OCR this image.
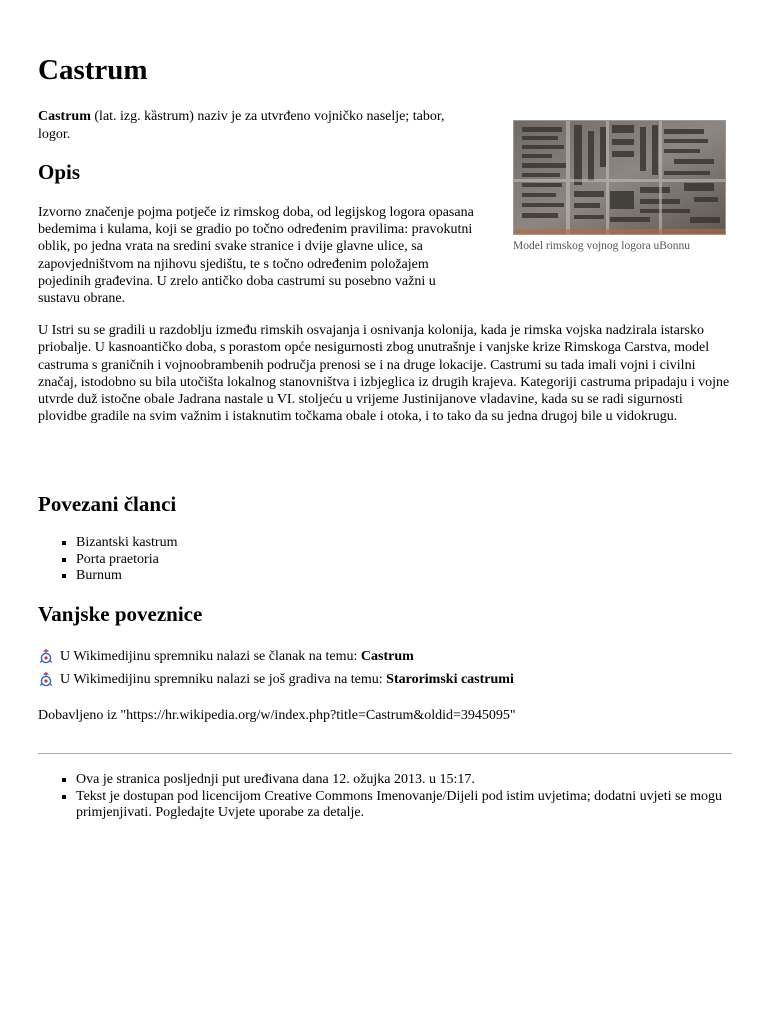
Castrum

Castrum (lat. izg. kȁstrum) naziv je za utvrđeno vojničko naselje; tabor, logor.

Model rimskog vojnog logora uBonnu
Opis

Izvorno značenje pojma potječe iz rimskog doba, od legijskog logora opasana bedemima i kulama, koji se gradio po točno određenim pravilima: pravokutni oblik, po jedna vrata na sredini svake stranice i dvije glavne ulice, sa zapovjedništvom na njihovu sjedištu, te s točno određenim položajem pojedinih građevina. U zrelo antičko doba castrumi su posebno važni u sustavu obrane.

U Istri su se gradili u razdoblju između rimskih osvajanja i osnivanja kolonija, kada je rimska vojska nadzirala istarsko priobalje. U kasnoantičko doba, s porastom opće nesigurnosti zbog unutrašnje i vanjske krize Rimskoga Carstva, model castruma s graničnih i vojnoobrambenih područja prenosi se i na druge lokacije. Castrumi su tada imali vojni i civilni značaj, istodobno su bila utočišta lokalnog stanovništva i izbjeglica iz drugih krajeva. Kategoriji castruma pripadaju i vojne utvrde duž istočne obale Jadrana nastale u VI. stoljeću u vrijeme Justinijanove vladavine, kada su se radi sigurnosti plovidbe gradile na svim važnim i istaknutim točkama obale i otoka, i to tako da su jedna drugoj bile u vidokrugu.

Povezani članci
▪ Bizantski kastrum
▪ Porta praetoria
▪ Burnum
Vanjske poveznice
U Wikimedijinu spremniku nalazi se članak na temu:
Castrum
U Wikimedijinu spremniku nalazi se još gradiva na temu:
Starorimski castrumi
Dobavljeno iz "https://hr.wikipedia.org/w/index.php?title=Castrum&oldid=3945095"
▪ Ova je stranica posljednji put uređivana dana 12. ožujka 2013. u 15:17.
▪ Tekst je dostupan pod licencijom Creative Commons Imenovanje/Dijeli pod istim uvjetima; dodatni uvjeti se mogu primjenjivati. Pogledajte Uvjete uporabe za detalje.
